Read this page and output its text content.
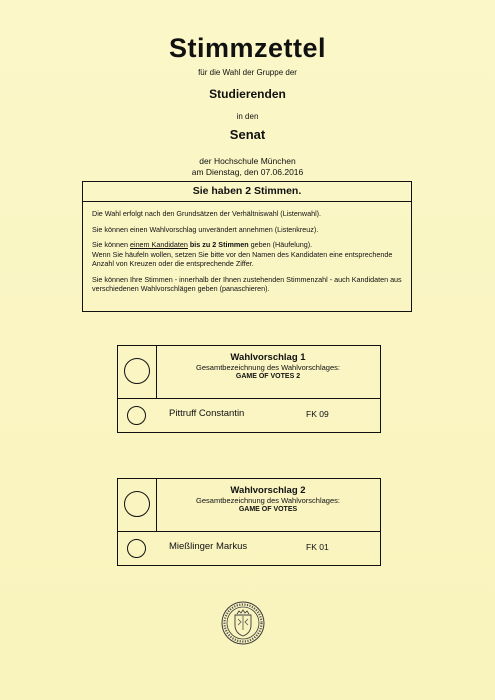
Stimmzettel
für die Wahl der Gruppe der
Studierenden
in den
Senat
der Hochschule München
am Dienstag, den 07.06.2016
Sie haben 2 Stimmen.

Die Wahl erfolgt nach den Grundsätzen der Verhältniswahl (Listenwahl).

Sie können einen Wahlvorschlag unverändert annehmen (Listenkreuz).

Sie können einem Kandidaten bis zu 2 Stimmen geben (Häufelung).
Wenn Sie häufeln wollen, setzen Sie bitte vor den Namen des Kandidaten eine entsprechende Anzahl von Kreuzen oder die entsprechende Ziffer.

Sie können Ihre Stimmen - innerhalb der Ihnen zustehenden Stimmenzahl - auch Kandidaten aus verschiedenen Wahlvorschlägen geben (panaschieren).

Wahlvorschlag 1
Gesamtbezeichnung des Wahlvorschlages:
GAME OF VOTES 2
Pittruff Constantin	FK 09
Wahlvorschlag 2
Gesamtbezeichnung des Wahlvorschlages:
GAME OF VOTES
Mießlinger Markus	FK 01
